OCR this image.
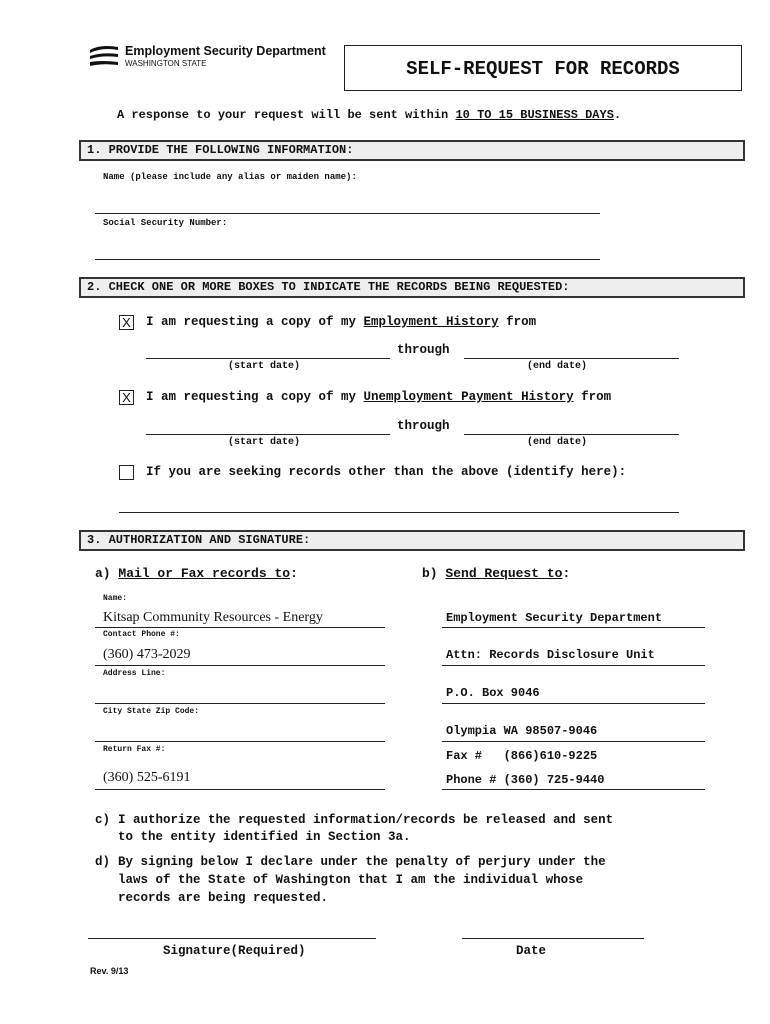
Employment Security Department
WASHINGTON STATE	SELF-REQUEST FOR RECORDS
A response to your request will be sent within 10 TO 15 BUSINESS DAYS.
1. PROVIDE THE FOLLOWING INFORMATION:
Name (please include any alias or maiden name):
Social Security Number:
2. CHECK ONE OR MORE BOXES TO INDICATE THE RECORDS BEING REQUESTED:
X I am requesting a copy of my Employment History from
through
(start date)	(end date)
X I am requesting a copy of my Unemployment Payment History from
through
(start date)	(end date)
If you are seeking records other than the above (identify here):
3. AUTHORIZATION AND SIGNATURE:
a) Mail or Fax records to:	b) Send Request to:
Name:
Kitsap Community Resources - Energy
Contact Phone #:
(360) 473-2029
Address Line:
City State Zip Code:
Return Fax #:
(360) 525-6191
Employment Security Department
Attn: Records Disclosure Unit
P.O. Box 9046
Olympia WA 98507-9046
Fax #   (866)610-9225
Phone # (360) 725-9440
c) I authorize the requested information/records be released and sent
to the entity identified in Section 3a.
d) By signing below I declare under the penalty of perjury under the
laws of the State of Washington that I am the individual whose
records are being requested.
Signature(Required)	Date
Rev. 9/13
